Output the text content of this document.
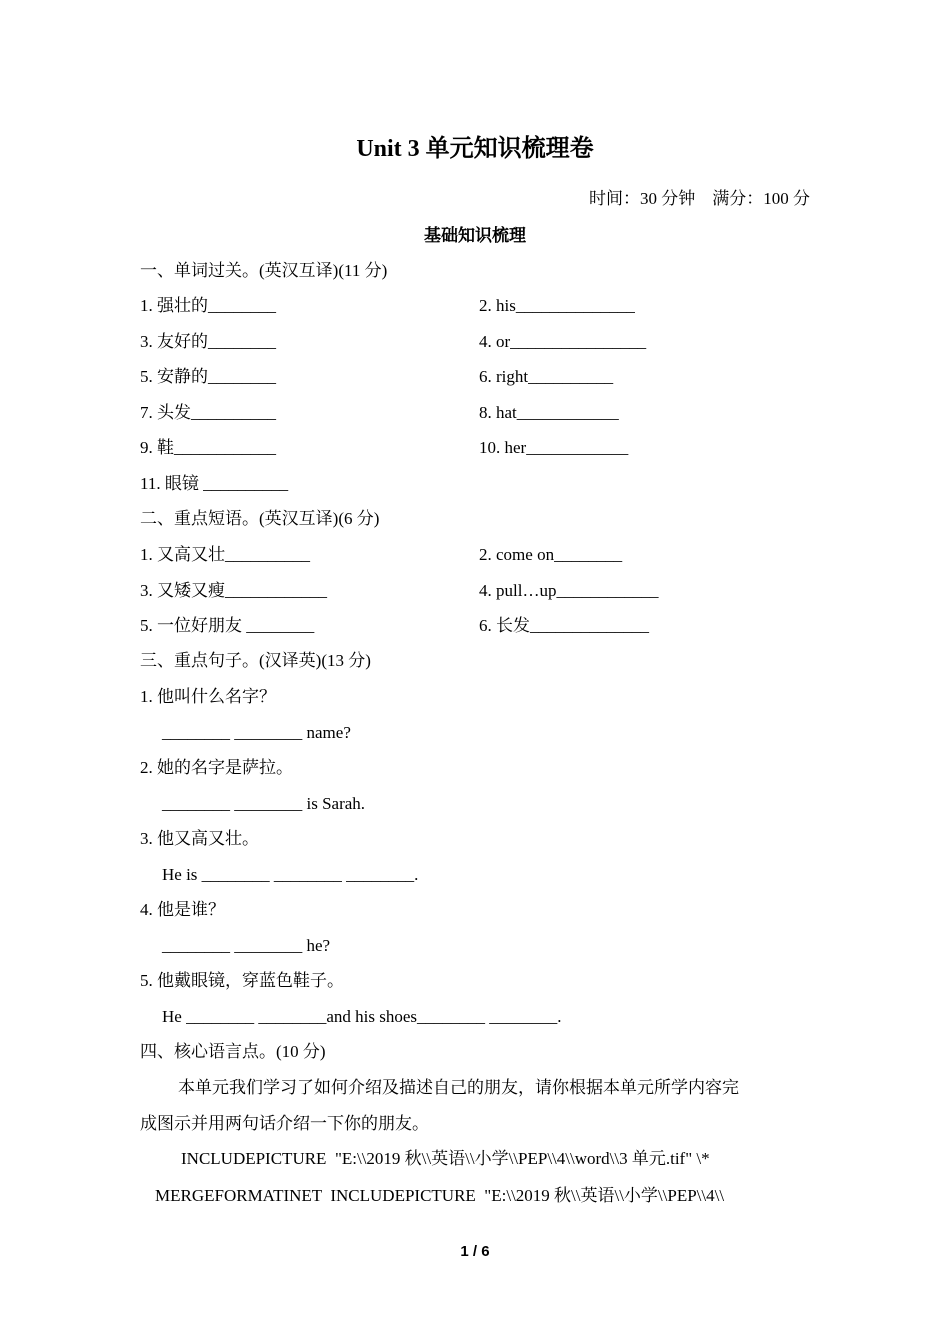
Unit 3 单元知识梳理卷
时间：30 分钟　满分：100 分
基础知识梳理
一、单词过关。(英汉互译)(11 分)
1. 强壮的________	2. his______________
3. 友好的________	4. or________________
5. 安静的________	6. right__________
7. 头发__________	8. hat____________
9. 鞋____________	10. her____________
11. 眼镜 __________
二、重点短语。(英汉互译)(6 分)
1. 又高又壮__________	2. come on________
3. 又矮又瘦____________	4. pull…up____________
5. 一位好朋友 ________	6. 长发______________
三、重点句子。(汉译英)(13 分)
1. 他叫什么名字？
________ ________ name?
2. 她的名字是萨拉。
________ ________ is Sarah.
3. 他又高又壮。
He is ________ ________ ________.
4. 他是谁？
________ ________ he?
5. 他戴眼镜，穿蓝色鞋子。
He ________ ________and his shoes________ ________.
四、核心语言点。(10 分)
本单元我们学习了如何介绍及描述自己的朋友，请你根据本单元所学内容完
成图示并用两句话介绍一下你的朋友。
INCLUDEPICTURE  "E:\\2019 秋\\英语\\小学\\PEP\\4\\word\\3 单元.tif" \*
MERGEFORMATINET  INCLUDEPICTURE  "E:\\2019 秋\\英语\\小学\\PEP\\4\\
1 / 6
